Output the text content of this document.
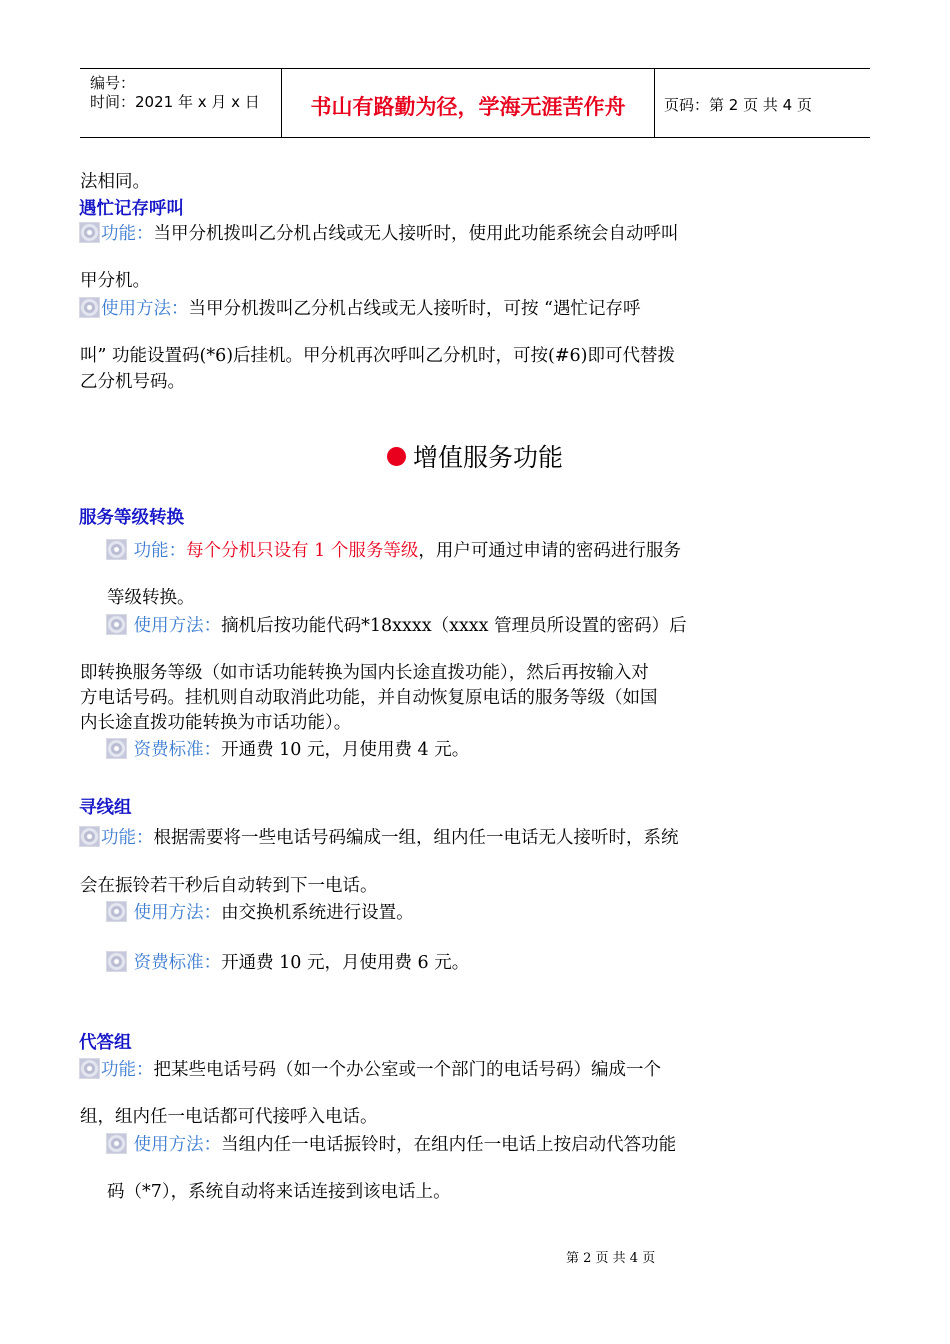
编号：
时间：2021 年 x 月 x 日	书山有路勤为径，学海无涯苦作舟	页码：第 2 页 共 4 页
法相同。
遇忙记存呼叫
功能：当甲分机拨叫乙分机占线或无人接听时，使用此功能系统会自动呼叫
甲分机。
使用方法：当甲分机拨叫乙分机占线或无人接听时，可按 “遇忙记存呼
叫” 功能设置码(*6)后挂机。甲分机再次呼叫乙分机时，可按(#6)即可代替拨
乙分机号码。
增值服务功能
服务等级转换
功能：每个分机只设有 1 个服务等级，用户可通过申请的密码进行服务
等级转换。
使用方法：摘机后按功能代码*18xxxx（xxxx 管理员所设置的密码）后
即转换服务等级（如市话功能转换为国内长途直拨功能），然后再按输入对
方电话号码。挂机则自动取消此功能，并自动恢复原电话的服务等级（如国
内长途直拨功能转换为市话功能）。
资费标准：开通费 10 元，月使用费 4 元。
寻线组
功能：根据需要将一些电话号码编成一组，组内任一电话无人接听时，系统
会在振铃若干秒后自动转到下一电话。
使用方法：由交换机系统进行设置。
资费标准：开通费 10 元，月使用费 6 元。
代答组
功能：把某些电话号码（如一个办公室或一个部门的电话号码）编成一个
组，组内任一电话都可代接呼入电话。
使用方法：当组内任一电话振铃时，在组内任一电话上按启动代答功能
码（*7），系统自动将来话连接到该电话上。
第 2 页 共 4 页
